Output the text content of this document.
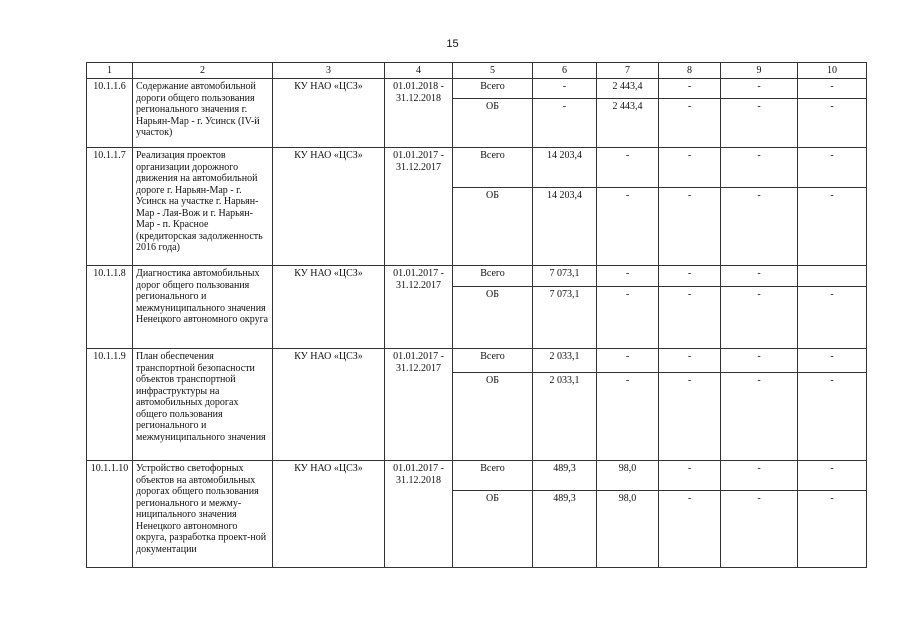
15
1	2	3	4	5	6	7	8	9	10
10.1.1.6	Содержание автомобильной дороги общего пользования регионального значения г. Нарьян-Мар - г. Усинск (IV-й участок)	КУ НАО «ЦСЗ»	01.01.2018 - 31.12.2018	Всего	-	2 443,4	-	-	-
				ОБ	-	2 443,4	-	-	-
10.1.1.7	Реализация проектов организации дорожного движения на автомобильной дороге г. Нарьян-Мар - г. Усинск на участке г. Нарьян-Мар - Лая-Вож и г. Нарьян-Мар - п. Красное (кредиторская задолженность 2016 года)	КУ НАО «ЦСЗ»	01.01.2017 - 31.12.2017	Всего	14 203,4	-	-	-	-
				ОБ	14 203,4	-	-	-	-
10.1.1.8	Диагностика автомобильных дорог общего пользования регионального и межмуниципального значения Ненецкого автономного округа	КУ НАО «ЦСЗ»	01.01.2017 - 31.12.2017	Всего	7 073,1	-	-	-	
				ОБ	7 073,1	-	-	-	-
10.1.1.9	План обеспечения транспортной безопасности объектов транспортной инфраструктуры на автомобильных дорогах общего пользования регионального и межмуниципального значения	КУ НАО «ЦСЗ»	01.01.2017 - 31.12.2017	Всего	2 033,1	-	-	-	-
				ОБ	2 033,1	-	-	-	-
10.1.1.10	Устройство светофорных объектов на автомобильных дорогах общего пользования регионального и межму-ниципального значения Ненецкого автономного округа, разработка проект-ной документации	КУ НАО «ЦСЗ»	01.01.2017 - 31.12.2018	Всего	489,3	98,0	-	-	-
				ОБ	489,3	98,0	-	-	-
